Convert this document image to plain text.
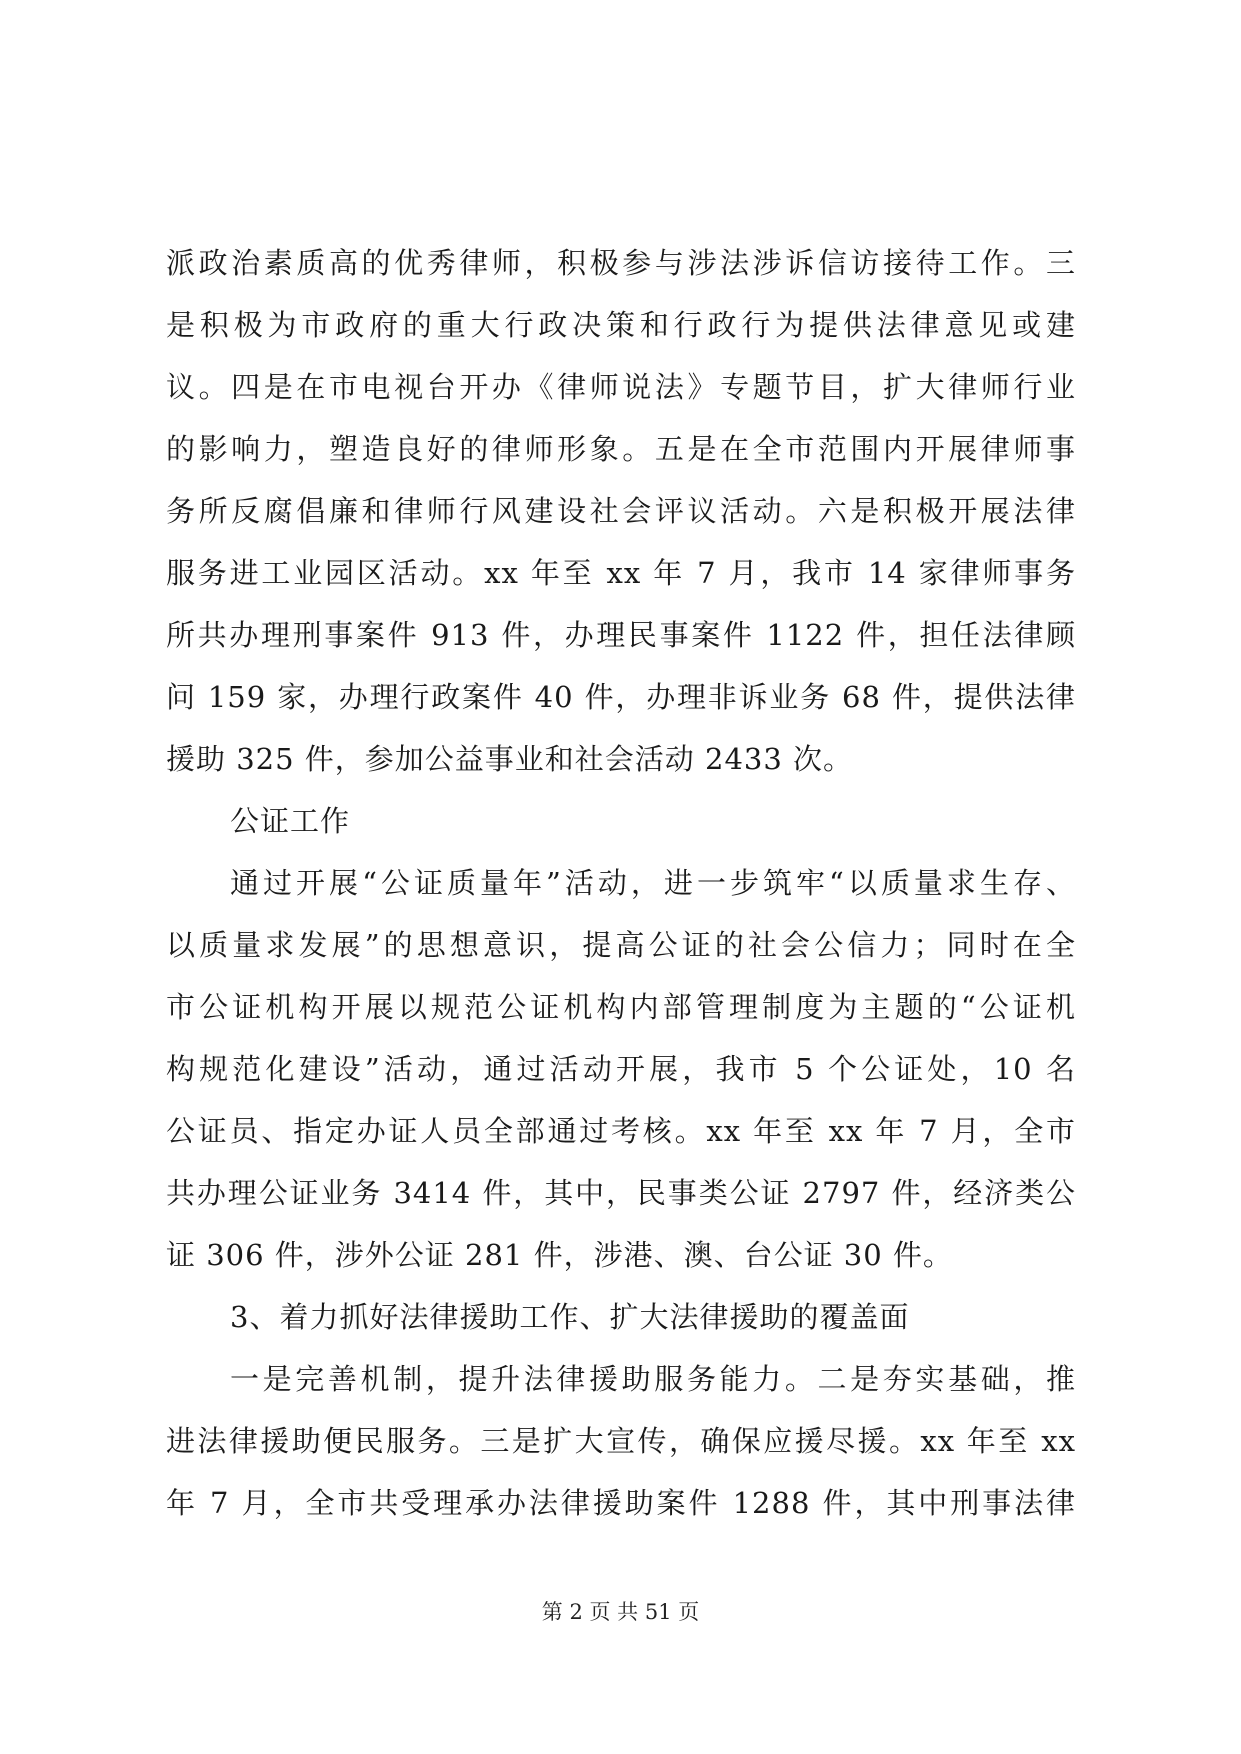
派政治素质高的优秀律师，积极参与涉法涉诉信访接待工作。三
是积极为市政府的重大行政决策和行政行为提供法律意见或建
议。四是在市电视台开办《律师说法》专题节目，扩大律师行业
的影响力，塑造良好的律师形象。五是在全市范围内开展律师事
务所反腐倡廉和律师行风建设社会评议活动。六是积极开展法律
服务进工业园区活动。xx 年至 xx 年 7 月，我市 14 家律师事务
所共办理刑事案件 913 件，办理民事案件 1122 件，担任法律顾
问 159 家，办理行政案件 40 件，办理非诉业务 68 件，提供法律
援助 325 件，参加公益事业和社会活动 2433 次。
公证工作
通过开展“公证质量年”活动，进一步筑牢“以质量求生存、
以质量求发展”的思想意识，提高公证的社会公信力；同时在全
市公证机构开展以规范公证机构内部管理制度为主题的“公证机
构规范化建设”活动，通过活动开展，我市 5 个公证处，10 名
公证员、指定办证人员全部通过考核。xx 年至 xx 年 7 月，全市
共办理公证业务 3414 件，其中，民事类公证 2797 件，经济类公
证 306 件，涉外公证 281 件，涉港、澳、台公证 30 件。
3、着力抓好法律援助工作、扩大法律援助的覆盖面
一是完善机制，提升法律援助服务能力。二是夯实基础，推
进法律援助便民服务。三是扩大宣传，确保应援尽援。xx 年至 xx
年 7 月，全市共受理承办法律援助案件 1288 件，其中刑事法律
第 2 页 共 51 页
